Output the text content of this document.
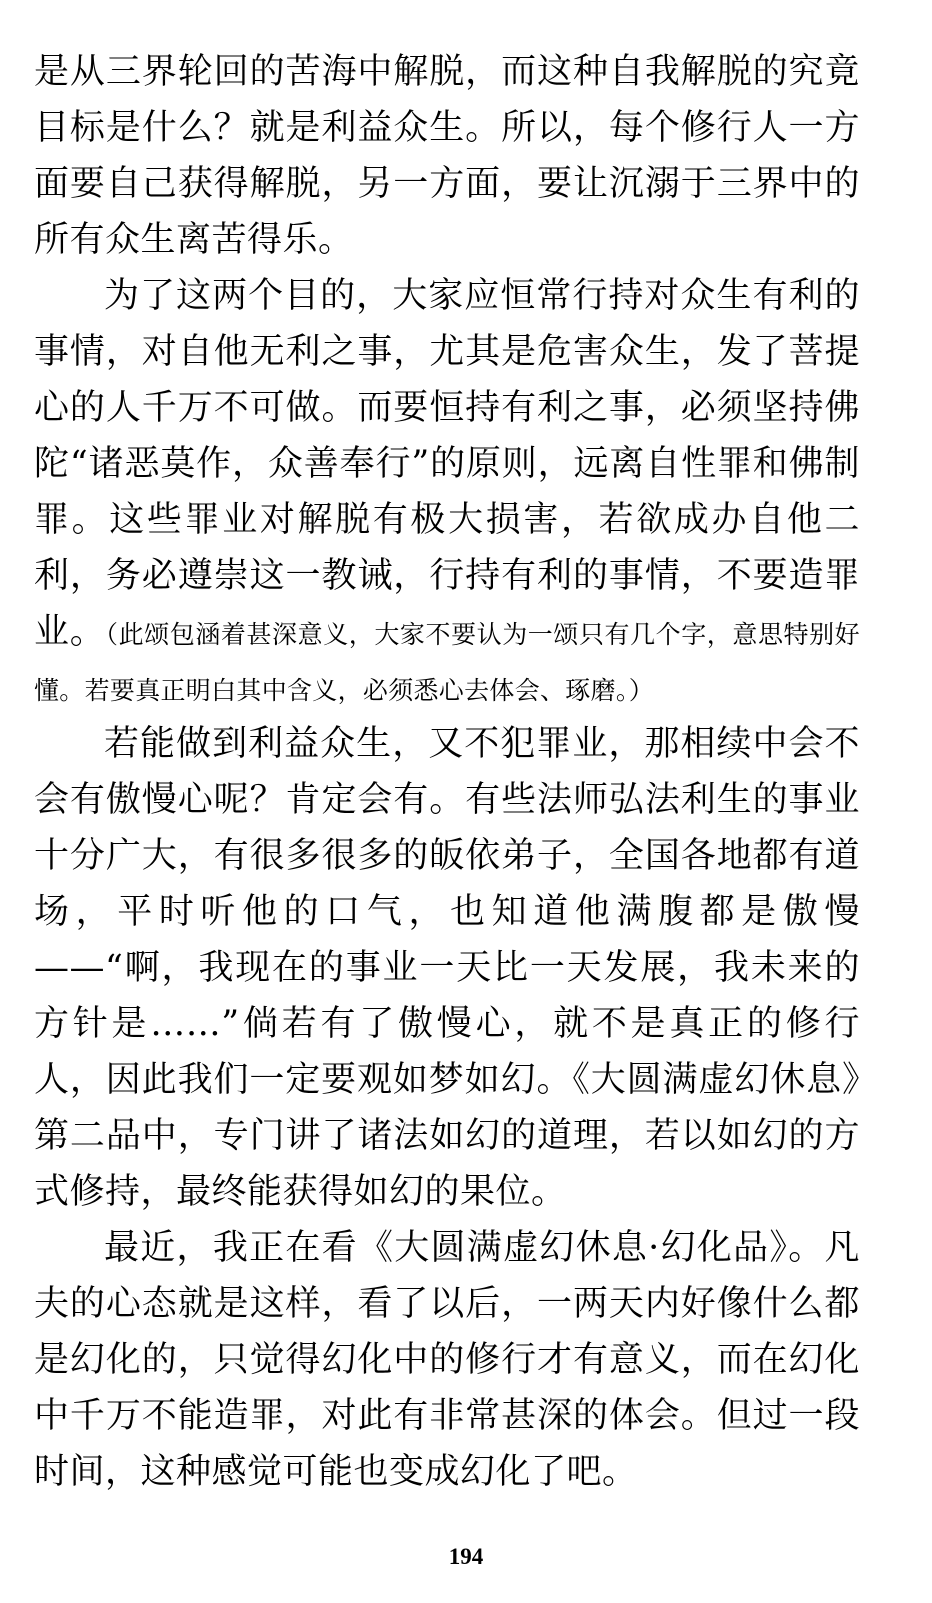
是从三界轮回的苦海中解脱，而这种自我解脱的究竟目标是什么？就是利益众生。所以，每个修行人一方面要自己获得解脱，另一方面，要让沉溺于三界中的所有众生离苦得乐。

为了这两个目的，大家应恒常行持对众生有利的事情，对自他无利之事，尤其是危害众生，发了菩提心的人千万不可做。而要恒持有利之事，必须坚持佛陀“诸恶莫作，众善奉行”的原则，远离自性罪和佛制罪。这些罪业对解脱有极大损害，若欲成办自他二利，务必遵崇这一教诫，行持有利的事情，不要造罪业。（此颂包涵着甚深意义，大家不要认为一颂只有几个字，意思特别好懂。若要真正明白其中含义，必须悉心去体会、琢磨。）

若能做到利益众生，又不犯罪业，那相续中会不会有傲慢心呢？肯定会有。有些法师弘法利生的事业十分广大，有很多很多的皈依弟子，全国各地都有道场，平时听他的口气，也知道他满腹都是傲慢——“啊，我现在的事业一天比一天发展，我未来的方针是……”倘若有了傲慢心，就不是真正的修行人，因此我们一定要观如梦如幻。《大圆满虚幻休息》第二品中，专门讲了诸法如幻的道理，若以如幻的方式修持，最终能获得如幻的果位。

最近，我正在看《大圆满虚幻休息·幻化品》。凡夫的心态就是这样，看了以后，一两天内好像什么都是幻化的，只觉得幻化中的修行才有意义，而在幻化中千万不能造罪，对此有非常甚深的体会。但过一段时间，这种感觉可能也变成幻化了吧。

194
